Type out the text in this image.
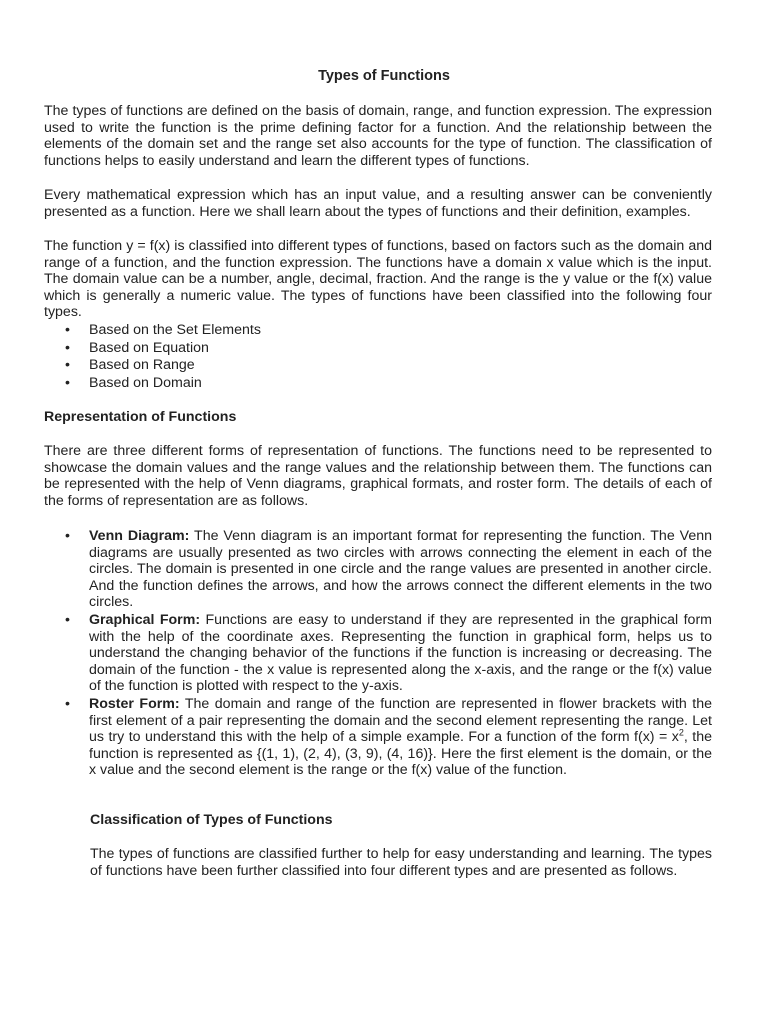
Types of Functions

The types of functions are defined on the basis of domain, range, and function expression. The expression used to write the function is the prime defining factor for a function. And the relationship between the elements of the domain set and the range set also accounts for the type of function. The classification of functions helps to easily understand and learn the different types of functions.

Every mathematical expression which has an input value, and a resulting answer can be conveniently presented as a function. Here we shall learn about the types of functions and their definition, examples.

The function y = f(x) is classified into different types of functions, based on factors such as the domain and range of a function, and the function expression. The functions have a domain x value which is the input. The domain value can be a number, angle, decimal, fraction. And the range is the y value or the f(x) value which is generally a numeric value. The types of functions have been classified into the following four types.

• Based on the Set Elements
• Based on Equation
• Based on Range
• Based on Domain
Representation of Functions

There are three different forms of representation of functions. The functions need to be represented to showcase the domain values and the range values and the relationship between them. The functions can be represented with the help of Venn diagrams, graphical formats, and roster form. The details of each of the forms of representation are as follows.

• Venn Diagram: The Venn diagram is an important format for representing the function. The Venn diagrams are usually presented as two circles with arrows connecting the element in each of the circles. The domain is presented in one circle and the range values are presented in another circle. And the function defines the arrows, and how the arrows connect the different elements in the two circles.
• Graphical Form: Functions are easy to understand if they are represented in the graphical form with the help of the coordinate axes. Representing the function in graphical form, helps us to understand the changing behavior of the functions if the function is increasing or decreasing. The domain of the function - the x value is represented along the x-axis, and the range or the f(x) value of the function is plotted with respect to the y-axis.
• Roster Form: The domain and range of the function are represented in flower brackets with the first element of a pair representing the domain and the second element representing the range. Let us try to understand this with the help of a simple example. For a function of the form $f(x) = x^2$, the function is represented as {(1, 1), (2, 4), (3, 9), (4, 16)}. Here the first element is the domain, or the x value and the second element is the range or the f(x) value of the function.
Classification of Types of Functions

The types of functions are classified further to help for easy understanding and learning. The types of functions have been further classified into four different types and are presented as follows.
